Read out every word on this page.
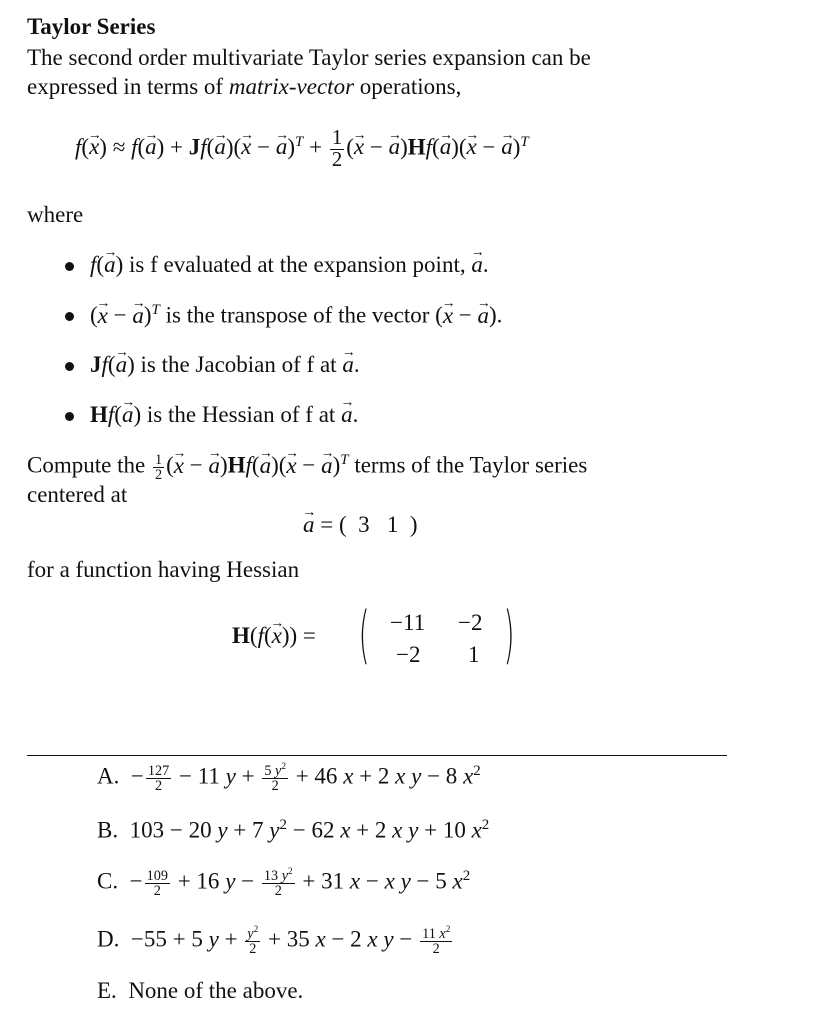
Taylor Series
The second order multivariate Taylor series expansion can be
expressed in terms of matrix-vector operations,
f(x →) ≈ f(a →) + Jf(a →)(x → − $a \to)^T + \frac{1}{2} (x$ → − a →)Hf(a →)(x → − a →)$^T$
where
f(a →) is f evaluated at the expansion point, a →.
(x → − a →)$^T$ is the transpose of the vector (x → − a →).
Jf(a →) is the Jacobian of f at a →.
Hf(a →) is the Hessian of f at a →.
Compute the $\frac{1}{2} (x$ → − a →)Hf(a →)(x → − a →)$^T$ terms of the Taylor series
centered at
a → = (  3 1  )
for a function having Hessian
H(f(x →)) = ( )
−11 −2
−2 1
A.  − $\frac{127}{2} - 11$ $y + \frac{5 y^2}{2} + 46$ x + 2 x y − 8 $x^2$
B.  103 − 20 y + 7 $y^2 - 62$ x + 2 x y + 10 $x^2$
C.  − $\frac{109}{2} + 16$ $y - \frac{13 y^2}{2} + 31$ x − x y − 5 $x^2$
D.  −55 + 5 $y + \frac{y^2}{2} + 35$ x − 2 x $y - \frac{11 x^2}{2}$
E. None of the above.
